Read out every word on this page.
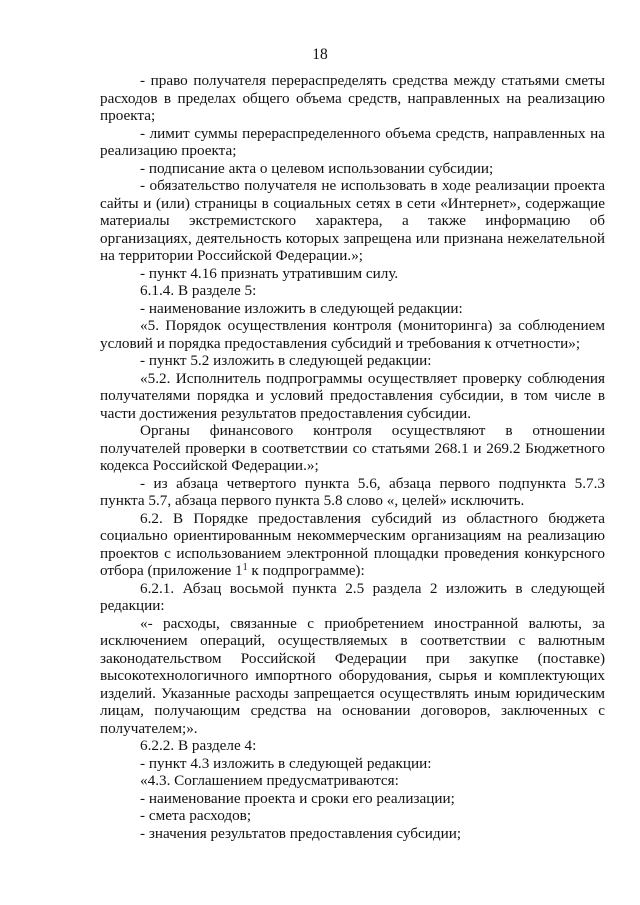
18

- право получателя перераспределять средства между статьями сметы расходов в пределах общего объема средств, направленных на реализацию проекта;

- лимит суммы перераспределенного объема средств, направленных на реализацию проекта;

- подписание акта о целевом использовании субсидии;

- обязательство получателя не использовать в ходе реализации проекта сайты и (или) страницы в социальных сетях в сети «Интернет», содержащие материалы экстремистского характера, а также информацию об организациях, деятельность которых запрещена или признана нежелательной на территории Российской Федерации.»;

- пункт 4.16 признать утратившим силу.

6.1.4. В разделе 5:

- наименование изложить в следующей редакции:

«5. Порядок осуществления контроля (мониторинга) за соблюдением условий и порядка предоставления субсидий и требования к отчетности»;

- пункт 5.2 изложить в следующей редакции:

«5.2. Исполнитель подпрограммы осуществляет проверку соблюдения получателями порядка и условий предоставления субсидии, в том числе в части достижения результатов предоставления субсидии.

Органы финансового контроля осуществляют в отношении получателей проверки в соответствии со статьями 268.1 и 269.2 Бюджетного кодекса Российской Федерации.»;

- из абзаца четвертого пункта 5.6, абзаца первого подпункта 5.7.3 пункта 5.7, абзаца первого пункта 5.8 слово «, целей» исключить.

6.2. В Порядке предоставления субсидий из областного бюджета социально ориентированным некоммерческим организациям на реализацию проектов с использованием электронной площадки проведения конкурсного отбора (приложение $1^1$ к подпрограмме):

6.2.1. Абзац восьмой пункта 2.5 раздела 2 изложить в следующей редакции:

«- расходы, связанные с приобретением иностранной валюты, за исключением операций, осуществляемых в соответствии с валютным законодательством Российской Федерации при закупке (поставке) высокотехнологичного импортного оборудования, сырья и комплектующих изделий. Указанные расходы запрещается осуществлять иным юридическим лицам, получающим средства на основании договоров, заключенных с получателем;».

6.2.2. В разделе 4:

- пункт 4.3 изложить в следующей редакции:

«4.3. Соглашением предусматриваются:

- наименование проекта и сроки его реализации;

- смета расходов;

- значения результатов предоставления субсидии;
